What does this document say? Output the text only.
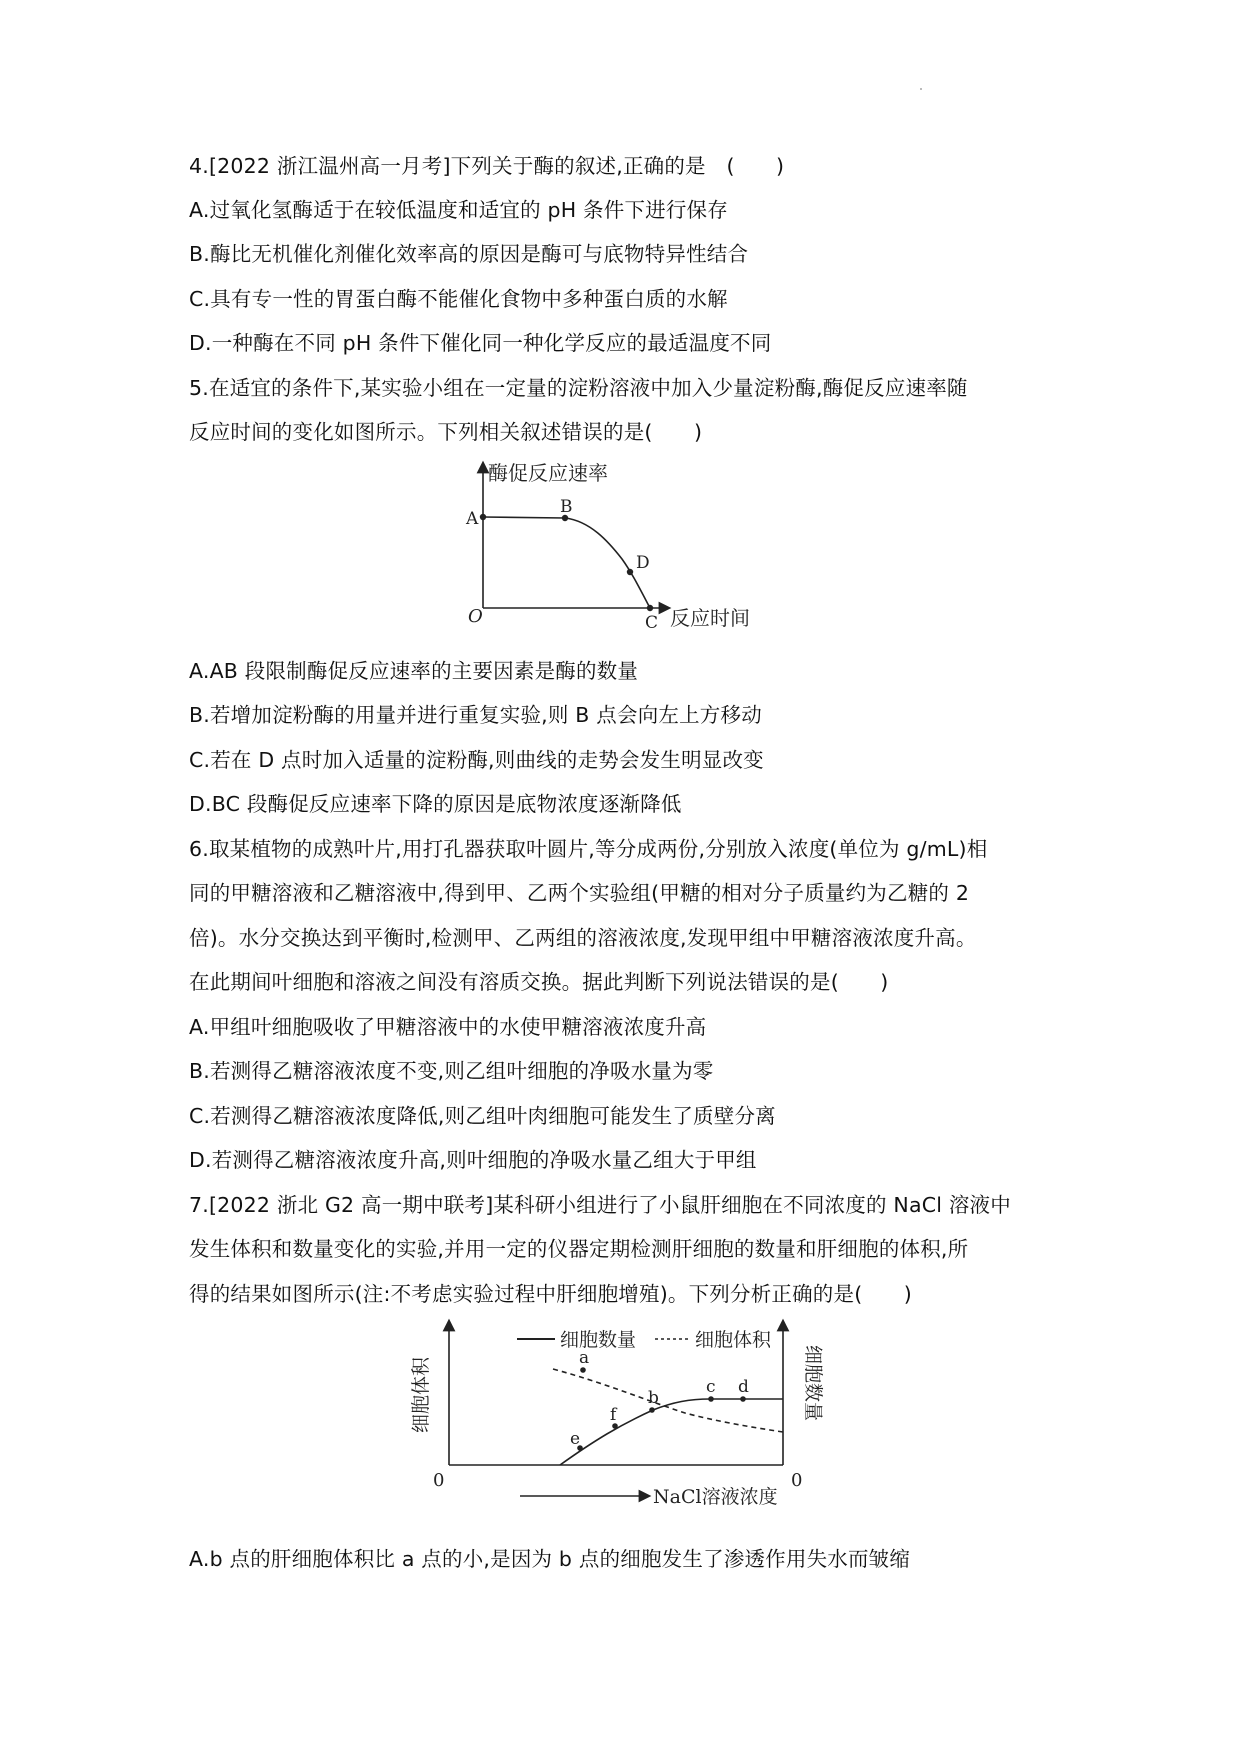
4.[2022 浙江温州高一月考]下列关于酶的叙述,正确的是　(　　)
A.过氧化氢酶适于在较低温度和适宜的 pH 条件下进行保存
B.酶比无机催化剂催化效率高的原因是酶可与底物特异性结合
C.具有专一性的胃蛋白酶不能催化食物中多种蛋白质的水解
D.一种酶在不同 pH 条件下催化同一种化学反应的最适温度不同
5.在适宜的条件下,某实验小组在一定量的淀粉溶液中加入少量淀粉酶,酶促反应速率随
反应时间的变化如图所示。下列相关叙述错误的是(　　)
酶促反应速率
反应时间
O
A
B
C
D
A.AB 段限制酶促反应速率的主要因素是酶的数量
B.若增加淀粉酶的用量并进行重复实验,则 B 点会向左上方移动
C.若在 D 点时加入适量的淀粉酶,则曲线的走势会发生明显改变
D.BC 段酶促反应速率下降的原因是底物浓度逐渐降低
6.取某植物的成熟叶片,用打孔器获取叶圆片,等分成两份,分别放入浓度(单位为 g/mL)相
同的甲糖溶液和乙糖溶液中,得到甲、乙两个实验组(甲糖的相对分子质量约为乙糖的 2
倍)。水分交换达到平衡时,检测甲、乙两组的溶液浓度,发现甲组中甲糖溶液浓度升高。
在此期间叶细胞和溶液之间没有溶质交换。据此判断下列说法错误的是(　　)
A.甲组叶细胞吸收了甲糖溶液中的水使甲糖溶液浓度升高
B.若测得乙糖溶液浓度不变,则乙组叶细胞的净吸水量为零
C.若测得乙糖溶液浓度降低,则乙组叶肉细胞可能发生了质壁分离
D.若测得乙糖溶液浓度升高,则叶细胞的净吸水量乙组大于甲组
7.[2022 浙北 G2 高一期中联考]某科研小组进行了小鼠肝细胞在不同浓度的 NaCl 溶液中
发生体积和数量变化的实验,并用一定的仪器定期检测肝细胞的数量和肝细胞的体积,所
得的结果如图所示(注:不考虑实验过程中肝细胞增殖)。下列分析正确的是(　　)
细胞数量	细胞体积
a
b
c d
e
f
NaCl溶液浓度
0	0
细胞体积	细胞数量
A.b 点的肝细胞体积比 a 点的小,是因为 b 点的细胞发生了渗透作用失水而皱缩
